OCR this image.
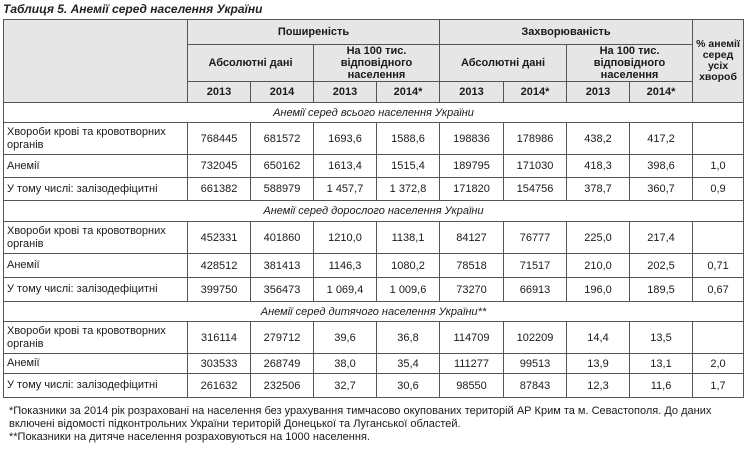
Таблиця 5. Анемії серед населення України
	Поширеність				Захворюваність				% анемії серед усіх хвороб
	Абсолютні дані		На 100 тис. відповідного населення		Абсолютні дані		На 100 тис. відповідного населення		
	2013	2014	2013	2014*	2013	2014*	2013	2014*	
Анемії серед всього населення України									
Хвороби крові та кровотворних органів	768445	681572	1693,6	1588,6	198836	178986	438,2	417,2	
Анемії	732045	650162	1613,4	1515,4	189795	171030	418,3	398,6	1,0
У тому числі: залізодефіцитні	661382	588979	1 457,7	1 372,8	171820	154756	378,7	360,7	0,9
Анемії серед дорослого населення України									
Хвороби крові та кровотворних органів	452331	401860	1210,0	1138,1	84127	76777	225,0	217,4	
Анемії	428512	381413	1146,3	1080,2	78518	71517	210,0	202,5	0,71
У тому числі: залізодефіцитні	399750	356473	1 069,4	1 009,6	73270	66913	196,0	189,5	0,67
Анемії серед дитячого населення України**									
Хвороби крові та кровотворних органів	316114	279712	39,6	36,8	114709	102209	14,4	13,5	
Анемії	303533	268749	38,0	35,4	111277	99513	13,9	13,1	2,0
У тому числі: залізодефіцитні	261632	232506	32,7	30,6	98550	87843	12,3	11,6	1,7
*Показники за 2014 рік розраховані на населення без урахування тимчасово окупованих територій АР Крим та м. Севастополя. До даних включені відомості підконтрольних України територій Донецької та Луганської областей.
**Показники на дитяче населення розраховуються на 1000 населення.
